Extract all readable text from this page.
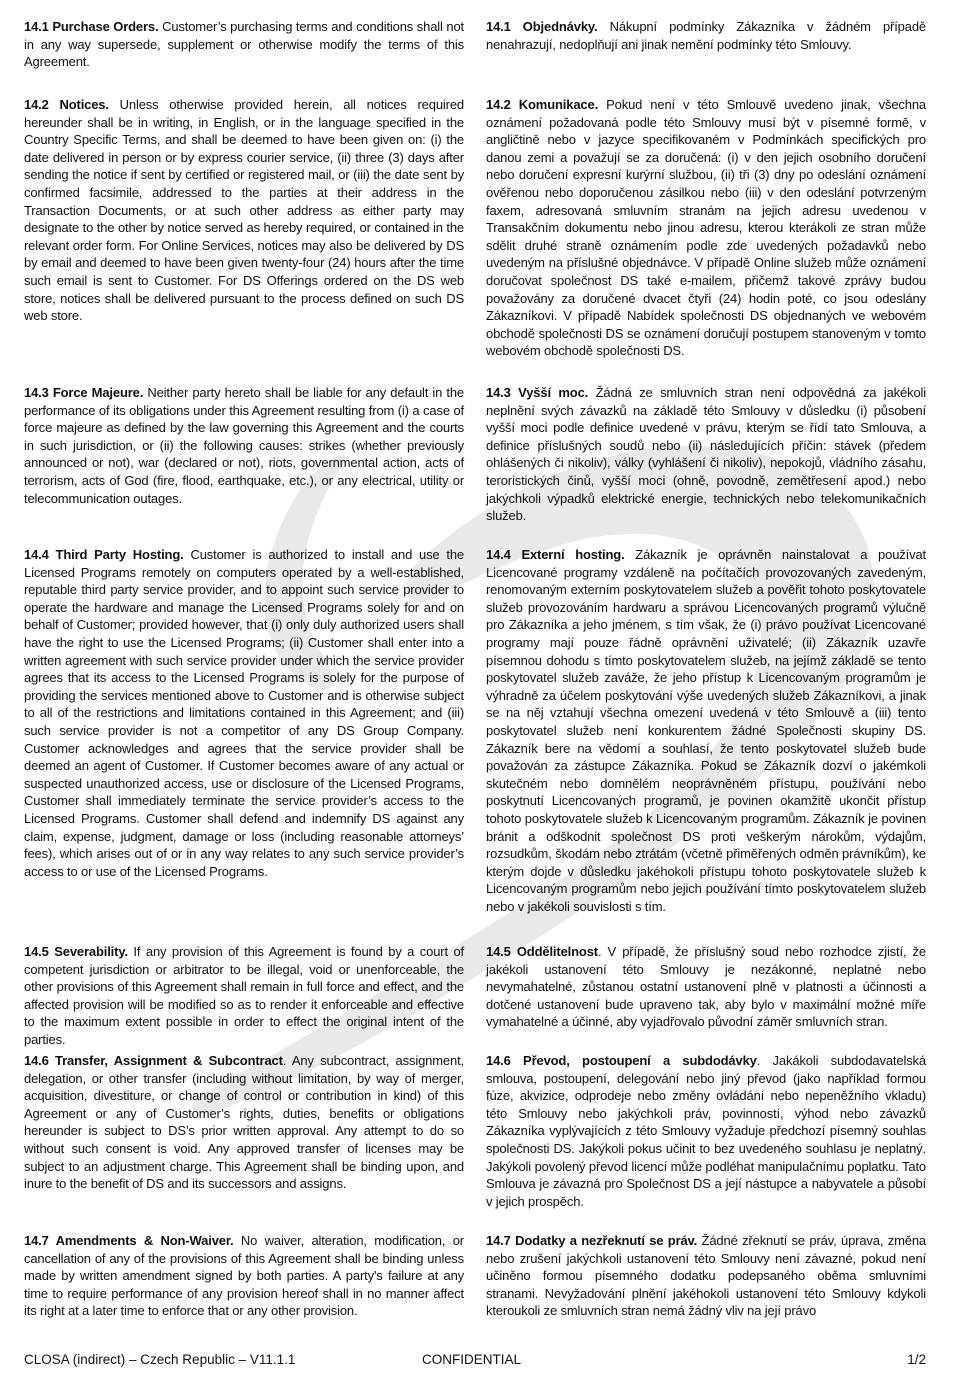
14.1 Purchase Orders. Customer’s purchasing terms and conditions shall not in any way supersede, supplement or otherwise modify the terms of this Agreement.

14.2 Notices. Unless otherwise provided herein, all notices required hereunder shall be in writing, in English, or in the language specified in the Country Specific Terms, and shall be deemed to have been given on: (i) the date delivered in person or by express courier service, (ii) three (3) days after sending the notice if sent by certified or registered mail, or (iii) the date sent by confirmed facsimile, addressed to the parties at their address in the Transaction Documents, or at such other address as either party may designate to the other by notice served as hereby required, or contained in the relevant order form. For Online Services, notices may also be delivered by DS by email and deemed to have been given twenty-four (24) hours after the time such email is sent to Customer. For DS Offerings ordered on the DS web store, notices shall be delivered pursuant to the process defined on such DS web store.

14.3 Force Majeure. Neither party hereto shall be liable for any default in the performance of its obligations under this Agreement resulting from (i) a case of force majeure as defined by the law governing this Agreement and the courts in such jurisdiction, or (ii) the following causes: strikes (whether previously announced or not), war (declared or not), riots, governmental action, acts of terrorism, acts of God (fire, flood, earthquake, etc.), or any electrical, utility or telecommunication outages.

14.4 Third Party Hosting. Customer is authorized to install and use the Licensed Programs remotely on computers operated by a well-established, reputable third party service provider, and to appoint such service provider to operate the hardware and manage the Licensed Programs solely for and on behalf of Customer; provided however, that (i) only duly authorized users shall have the right to use the Licensed Programs; (ii) Customer shall enter into a written agreement with such service provider under which the service provider agrees that its access to the Licensed Programs is solely for the purpose of providing the services mentioned above to Customer and is otherwise subject to all of the restrictions and limitations contained in this Agreement; and (iii) such service provider is not a competitor of any DS Group Company. Customer acknowledges and agrees that the service provider shall be deemed an agent of Customer. If Customer becomes aware of any actual or suspected unauthorized access, use or disclosure of the Licensed Programs, Customer shall immediately terminate the service provider’s access to the Licensed Programs. Customer shall defend and indemnify DS against any claim, expense, judgment, damage or loss (including reasonable attorneys’ fees), which arises out of or in any way relates to any such service provider’s access to or use of the Licensed Programs.

14.5 Severability. If any provision of this Agreement is found by a court of competent jurisdiction or arbitrator to be illegal, void or unenforceable, the other provisions of this Agreement shall remain in full force and effect, and the affected provision will be modified so as to render it enforceable and effective to the maximum extent possible in order to effect the original intent of the parties.

14.6 Transfer, Assignment & Subcontract. Any subcontract, assignment, delegation, or other transfer (including without limitation, by way of merger, acquisition, divestiture, or change of control or contribution in kind) of this Agreement or any of Customer’s rights, duties, benefits or obligations hereunder is subject to DS’s prior written approval. Any attempt to do so without such consent is void. Any approved transfer of licenses may be subject to an adjustment charge. This Agreement shall be binding upon, and inure to the benefit of DS and its successors and assigns.

14.7 Amendments & Non-Waiver. No waiver, alteration, modification, or cancellation of any of the provisions of this Agreement shall be binding unless made by written amendment signed by both parties. A party's failure at any time to require performance of any provision hereof shall in no manner affect its right at a later time to enforce that or any other provision.

14.1 Objednávky. Nákupní podmínky Zákazníka v žádném případě nenahrazují, nedoplňují ani jinak nemění podmínky této Smlouvy.

14.2 Komunikace. Pokud není v této Smlouvě uvedeno jinak, všechna oznámení požadovaná podle této Smlouvy musí být v písemné formě, v angličtině nebo v jazyce specifikovaném v Podmínkách specifických pro danou zemi a považují se za doručená: (i) v den jejich osobního doručení nebo doručení expresní kurýrní službou, (ii) tři (3) dny po odeslání oznámení ověřenou nebo doporučenou zásilkou nebo (iii) v den odeslání potvrzeným faxem, adresovaná smluvním stranám na jejich adresu uvedenou v Transakčním dokumentu nebo jinou adresu, kterou kterákoli ze stran může sdělit druhé straně oznámením podle zde uvedených požadavků nebo uvedeným na příslušné objednávce. V případě Online služeb může oznámení doručovat společnost DS také e-mailem, přičemž takové zprávy budou považovány za doručené dvacet čtyři (24) hodin poté, co jsou odeslány Zákazníkovi. V případě Nabídek společnosti DS objednaných ve webovém obchodě společnosti DS se oznámení doručují postupem stanoveným v tomto webovém obchodě společnosti DS.

14.3 Vyšší moc. Žádná ze smluvních stran není odpovědná za jakékoli neplnění svých závazků na základě této Smlouvy v důsledku (i) působení vyšší moci podle definice uvedené v právu, kterým se řídí tato Smlouva, a definice příslušných soudů nebo (ii) následujících příčin: stávek (předem ohlášených či nikoliv), války (vyhlášení či nikoliv), nepokojů, vládního zásahu, teroristických činů, vyšší moci (ohně, povodně, zemětřesení apod.) nebo jakýchkoli výpadků elektrické energie, technických nebo telekomunikačních služeb.

14.4 Externí hosting. Zákazník je oprávněn nainstalovat a používat Licencované programy vzdáleně na počítačích provozovaných zavedeným, renomovaným externím poskytovatelem služeb a pověřit tohoto poskytovatele služeb provozováním hardwaru a správou Licencovaných programů výlučně pro Zákazníka a jeho jménem, s tím však, že (i) právo používat Licencované programy mají pouze řádně oprávnění uživatelé; (ii) Zákazník uzavře písemnou dohodu s tímto poskytovatelem služeb, na jejímž základě se tento poskytovatel služeb zaváže, že jeho přístup k Licencovaným programům je výhradně za účelem poskytování výše uvedených služeb Zákazníkovi, a jinak se na něj vztahují všechna omezení uvedená v této Smlouvě a (iii) tento poskytovatel služeb není konkurentem žádné Společnosti skupiny DS. Zákazník bere na vědomí a souhlasí, že tento poskytovatel služeb bude považován za zástupce Zákazníka. Pokud se Zákazník dozví o jakémkoli skutečném nebo domnělém neoprávněném přístupu, používání nebo poskytnutí Licencovaných programů, je povinen okamžitě ukončit přístup tohoto poskytovatele služeb k Licencovaným programům. Zákazník je povinen bránit a odškodnit společnost DS proti veškerým nárokům, výdajům, rozsudkům, škodám nebo ztrátám (včetně přiměřených odměn právníkům), ke kterým dojde v důsledku jakéhokoli přístupu tohoto poskytovatele služeb k Licencovaným programům nebo jejich používání tímto poskytovatelem služeb nebo v jakékoli souvislosti s tím.

14.5 Oddělitelnost. V případě, že příslušný soud nebo rozhodce zjistí, že jakékoli ustanovení této Smlouvy je nezákonné, neplatné nebo nevymahatelné, zůstanou ostatní ustanovení plně v platnosti a účinnosti a dotčené ustanovení bude upraveno tak, aby bylo v maximální možné míře vymahatelné a účinné, aby vyjadřovalo původní záměr smluvních stran.

14.6 Převod, postoupení a subdodávky. Jakákoli subdodavatelská smlouva, postoupení, delegování nebo jiný převod (jako například formou fúze, akvizice, odprodeje nebo změny ovládání nebo nepeněžního vkladu) této Smlouvy nebo jakýchkoli práv, povinností, výhod nebo závazků Zákazníka vyplývajících z této Smlouvy vyžaduje předchozí písemný souhlas společnosti DS. Jakýkoli pokus učinit to bez uvedeného souhlasu je neplatný. Jakýkoli povolený převod licencí může podléhat manipulačnímu poplatku. Tato Smlouva je závazná pro Společnost DS a její nástupce a nabyvatele a působí v jejich prospěch.

14.7 Dodatky a nezřeknutí se práv. Žádné zřeknutí se práv, úprava, změna nebo zrušení jakýchkoli ustanovení této Smlouvy není závazné, pokud není učiněno formou písemného dodatku podepsaného oběma smluvními stranami. Nevyžadování plnění jakéhokoli ustanovení této Smlouvy kdykoli kteroukoli ze smluvních stran nemá žádný vliv na její právo

CLOSA (indirect) – Czech Republic – V11.1.1	CONFIDENTIAL	1/2
